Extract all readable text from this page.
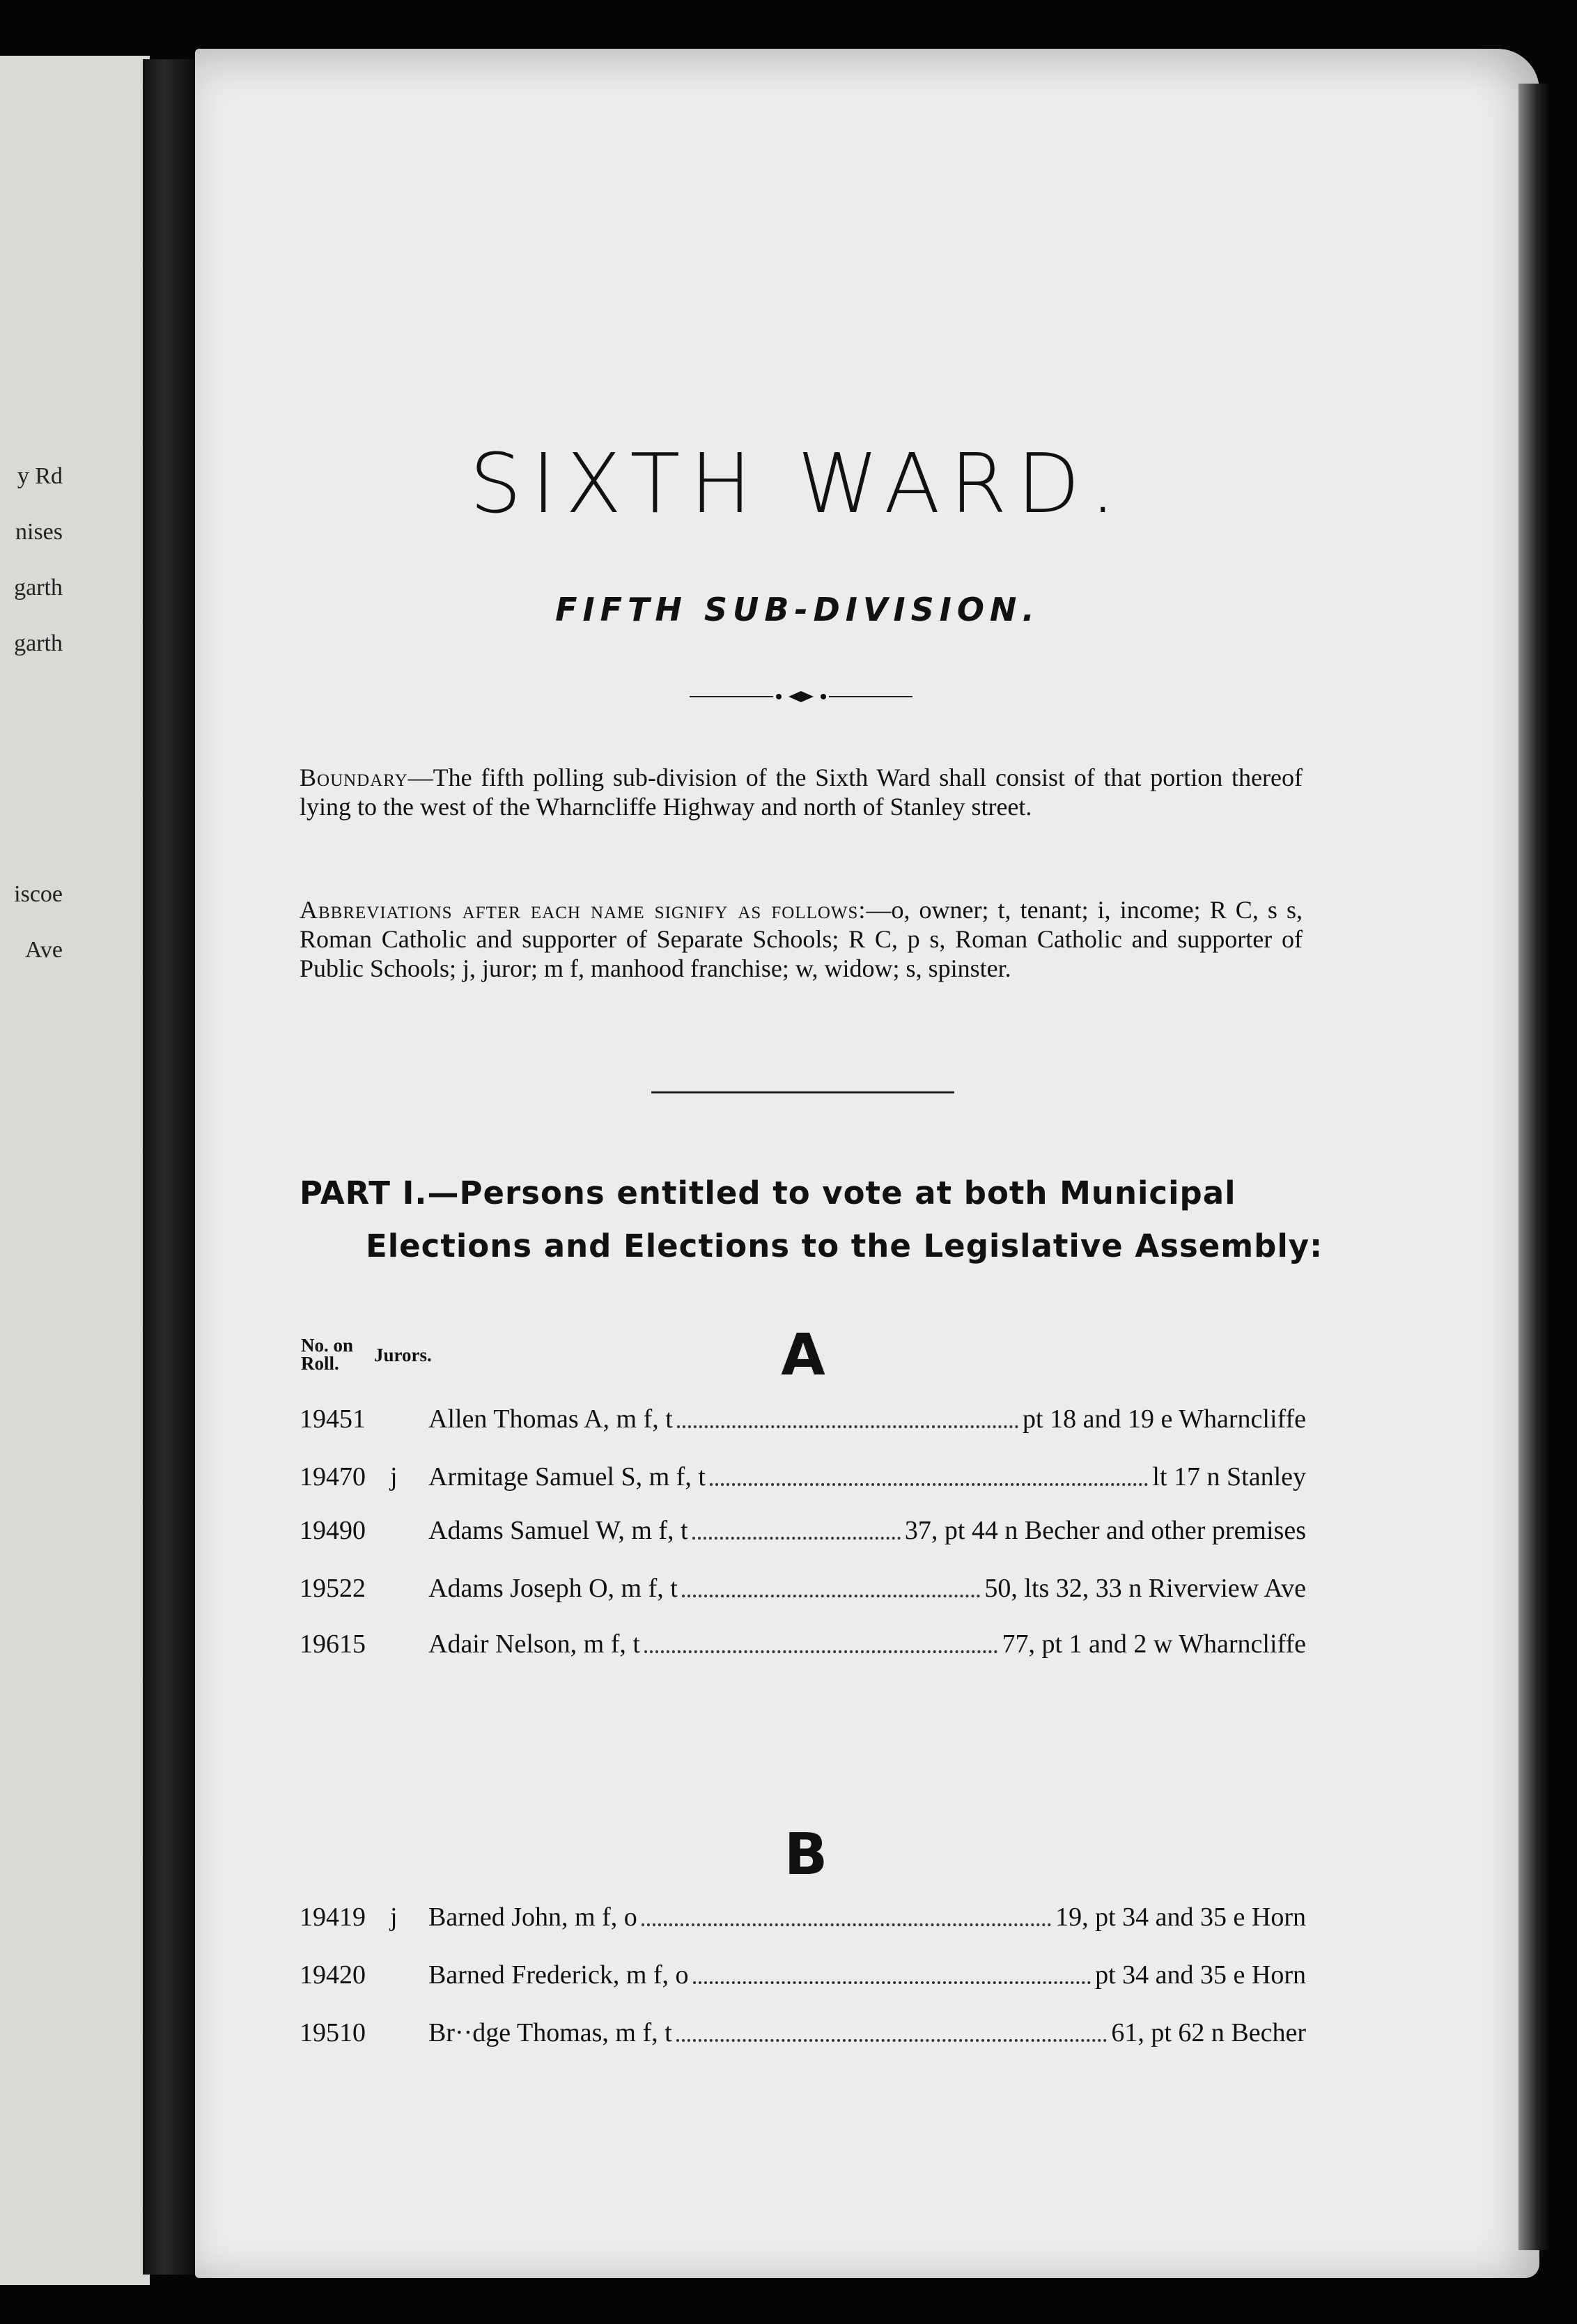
y Rd
nises
garth
garth
iscoe
Ave
SIXTH WARD.
FIFTH SUB-DIVISION.

Boundary—The fifth polling sub-division of the Sixth Ward shall consist of that portion thereof lying to the west of the Wharncliffe Highway and north of Stanley street.

Abbreviations after each name signify as follows:—o, owner; t, tenant; i, income; R C, s s, Roman Catholic and supporter of Separate Schools; R C, p s, Roman Catholic and supporter of Public Schools; j, juror; m f, manhood franchise; w, widow; s, spinster.

PART I.—Persons entitled to vote at both Municipal Elections and Elections to the Legislative Assembly:

No. on
Roll.	Jurors.	A
19451	Allen Thomas A, m f, t	pt 18 and 19 e Wharncliffe
19470 j	Armitage Samuel S, m f, t	lt 17 n Stanley
19490	Adams Samuel W, m f, t	37, pt 44 n Becher and other premises
19522	Adams Joseph O, m f, t	50, lts 32, 33 n Riverview Ave
19615	Adair Nelson, m f, t	77, pt 1 and 2 w Wharncliffe
B
19419 j	Barned John, m f, o	19, pt 34 and 35 e Horn
19420	Barned Frederick, m f, o	pt 34 and 35 e Horn
19510	Br··dge Thomas, m f, t	61, pt 62 n Becher
